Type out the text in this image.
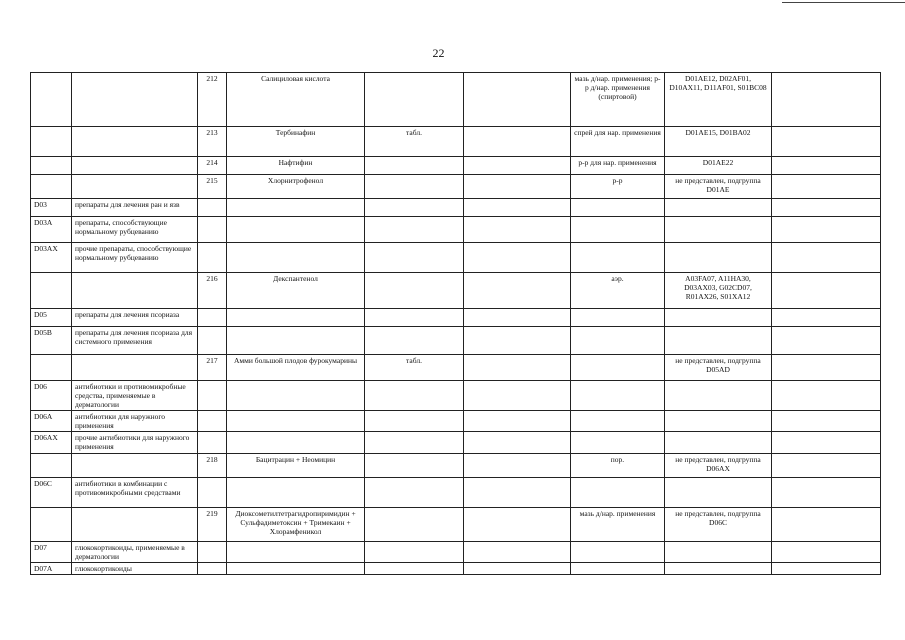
22
		212	Салициловая кислота			мазь д/нар. применения; р-р д/нар. применения (спиртовой)	D01AE12, D02AF01, D10AX11, D11AF01, S01BC08	
		213	Тербинафин	табл.		спрей для нар. применения	D01AE15, D01BA02	
		214	Нафтифин			р-р для нар. применения	D01AE22	
		215	Хлорнитрофенол			р-р	не представлен, подгруппа D01AE	
D03	препараты для лечения ран и язв							
D03A	препараты, способствующие нормальному рубцеванию							
D03AX	прочие препараты, способствующие нормальному рубцеванию							
		216	Декспантенол			аэр.	A03FA07, A11HA30, D03AX03, G02CD07, R01AX26, S01XA12	
D05	препараты для лечения псориаза							
D05B	препараты для лечения псориаза для системного применения							
		217	Амми большой плодов фурокумарины	табл.			не представлен, подгруппа D05AD	
D06	антибиотики и противомикробные средства, применяемые в дерматологии							
D06A	антибиотики для наружного применения							
D06AX	прочие антибиотики для наружного применения							
		218	Бацитрацин + Неомицин			пор.	не представлен, подгруппа D06AX	
D06C	антибиотики в комбинации с противомикробными средствами							
		219	Диоксометилтетрагидропиримидин + Сульфадиметоксин + Тримекаин + Хлорамфеникол			мазь д/нар. применения	не представлен, подгруппа D06C	
D07	глюкокортикоиды, применяемые в дерматологии							
D07A	глюкокортикоиды							
